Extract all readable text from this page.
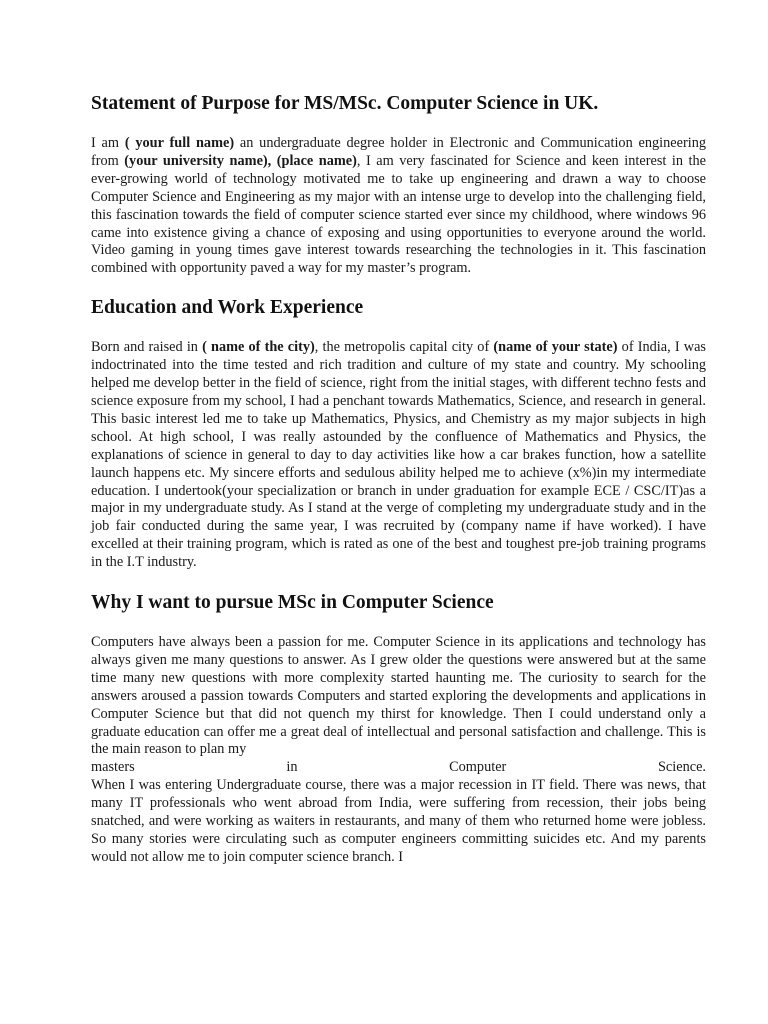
Statement of Purpose for MS/MSc. Computer Science in UK.

I am ( your full name) an undergraduate degree holder in Electronic and Communication engineering from (your university name), (place name), I am very fascinated for Science and keen interest in the ever-growing world of technology motivated me to take up engineering and drawn a way to choose Computer Science and Engineering as my major with an intense urge to develop into the challenging field, this fascination towards the field of computer science started ever since my childhood, where windows 96 came into existence giving a chance of exposing and using opportunities to everyone around the world. Video gaming in young times gave interest towards researching the technologies in it. This fascination combined with opportunity paved a way for my master’s program.

Education and Work Experience

Born and raised in ( name of the city), the metropolis capital city of (name of your state) of India, I was indoctrinated into the time tested and rich tradition and culture of my state and country. My schooling helped me develop better in the field of science, right from the initial stages, with different techno fests and science exposure from my school, I had a penchant towards Mathematics, Science, and research in general. This basic interest led me to take up Mathematics, Physics, and Chemistry as my major subjects in high school. At high school, I was really astounded by the confluence of Mathematics and Physics, the explanations of science in general to day to day activities like how a car brakes function, how a satellite launch happens etc. My sincere efforts and sedulous ability helped me to achieve (x%)in my intermediate education. I undertook(your specialization or branch in under graduation for example ECE / CSC/IT)as a major in my undergraduate study. As I stand at the verge of completing my undergraduate study and in the job fair conducted during the same year, I was recruited by (company name if have worked). I have excelled at their training program, which is rated as one of the best and toughest pre-job training programs in the I.T industry.

Why I want to pursue MSc in Computer Science

Computers have always been a passion for me. Computer Science in its applications and technology has always given me many questions to answer. As I grew older the questions were answered but at the same time many new questions with more complexity started haunting me. The curiosity to search for the answers aroused a passion towards Computers and started exploring the developments and applications in Computer Science but that did not quench my thirst for knowledge. Then I could understand only a graduate education can offer me a great deal of intellectual and personal satisfaction and challenge. This is the main reason to plan my

masters	in	Computer	Science.

When I was entering Undergraduate course, there was a major recession in IT field. There was news, that many IT professionals who went abroad from India, were suffering from recession, their jobs being snatched, and were working as waiters in restaurants, and many of them who returned home were jobless. So many stories were circulating such as computer engineers committing suicides etc. And my parents would not allow me to join computer science branch. I
